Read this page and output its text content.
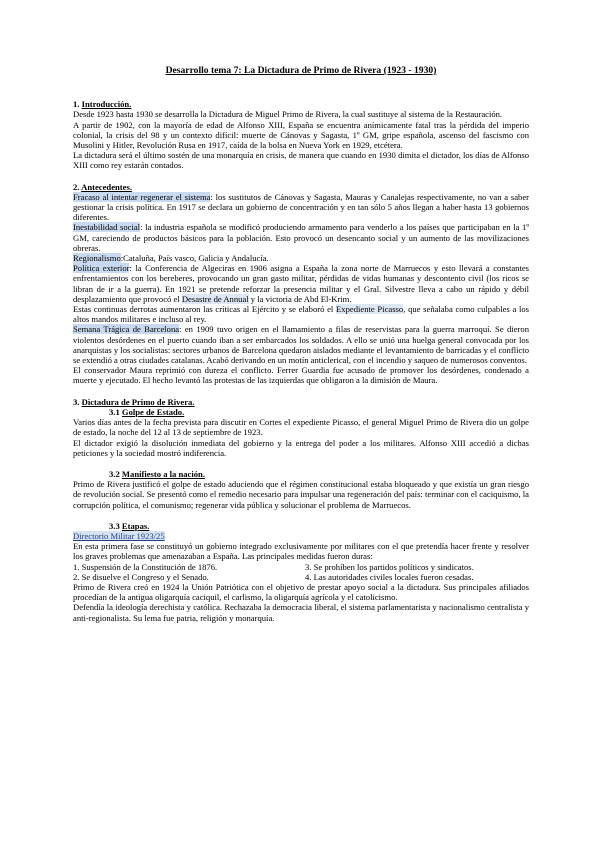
Desarrollo tema 7: La Dictadura de Primo de Rivera (1923 - 1930)

1. Introducción.

Desde 1923 hasta 1930 se desarrolla la Dictadura de Miguel Primo de Rivera, la cual sustituye al sistema de la Restauración.

A partir de 1902, con la mayoría de edad de Alfonso XIII, España se encuentra anímicamente fatal tras la pérdida del imperio colonial, la crisis del 98 y un contexto difícil: muerte de Cánovas y Sagasta, 1º GM, gripe española, ascenso del fascismo con Musolini y Hitler, Revolución Rusa en 1917, caída de la bolsa en Nueva York en 1929, etcétera.

La dictadura será el último sostén de una monarquía en crisis, de manera que cuando en 1930 dimita el dictador, los días de Alfonso XIII como rey estarán contados.

2. Antecedentes.

Fracaso al intentar regenerar el sistema: los sustitutos de Cánovas y Sagasta, Mauras y Canalejas respectivamente, no van a saber gestionar la crisis política. En 1917 se declara un gobierno de concentración y en tan sólo 5 años llegan a haber hasta 13 gobiernos diferentes.

Inestabilidad social: la industria española se modificó produciendo armamento para venderlo a los países que participaban en la 1º GM, careciendo de productos básicos para la población. Esto provocó un desencanto social y un aumento de las movilizaciones obreras.

Regionalismo:Cataluña, País vasco, Galicia y Andalucía.

Política exterior: la Conferencia de Algeciras en 1906 asigna a España la zona norte de Marruecos y esto llevará a constantes enfrentamientos con los bereberes, provocando un gran gasto militar, pérdidas de vidas humanas y descontento civil (los ricos se libran de ir a la guerra). En 1921 se pretende reforzar la presencia militar y el Gral. Silvestre lleva a cabo un rápido y débil desplazamiento que provocó el Desastre de Annual y la victoria de Abd El-Krim.

Estas continuas derrotas aumentaron las críticas al Ejército y se elaboró el Expediente Picasso, que señalaba como culpables a los altos mandos militares e incluso al rey.

Semana Trágica de Barcelona: en 1909 tuvo origen en el llamamiento a filas de reservistas para la guerra marroquí. Se dieron violentos desórdenes en el puerto cuando iban a ser embarcados los soldados. A ello se unió una huelga general convocada por los anarquistas y los socialistas: sectores urbanos de Barcelona quedaron aislados mediante el levantamiento de barricadas y el conflicto se extendió a otras ciudades catalanas. Acabó derivando en un motín anticlerical, con el incendio y saqueo de numerosos conventos.

El conservador Maura reprimió con dureza el conflicto. Ferrer Guardia fue acusado de promover los desórdenes, condenado a muerte y ejecutado. El hecho levantó las protestas de las izquierdas que obligaron a la dimisión de Maura.

3. Dictadura de Primo de Rivera.

3.1 Golpe de Estado.

Varios días antes de la fecha prevista para discutir en Cortes el expediente Picasso, el general Miguel Primo de Rivera dio un golpe de estado, la noche del 12 al 13 de septiembre de 1923.

El dictador exigió la disolución inmediata del gobierno y la entrega del poder a los militares. Alfonso XIII accedió a dichas peticiones y la sociedad mostró indiferencia.

3.2 Manifiesto a la nación.

Primo de Rivera justificó el golpe de estado aduciendo que el régimen constitucional estaba bloqueado y que existía un gran riesgo de revolución social. Se presentó como el remedio necesario para impulsar una regeneración del país: terminar con el caciquismo, la corrupción política, el comunismo; regenerar vida pública y solucionar el problema de Marruecos.

3.3 Etapas.

Directorio Militar 1923/25

En esta primera fase se constituyó un gobierno integrado exclusivamente por militares con el que pretendía hacer frente y resolver los graves problemas que amenazaban a España. Las principales medidas fueron duras:

1. Suspensión de la Constitución de 1876.	3. Se prohíben los partidos políticos y sindicatos.
2. Se disuelve el Congreso y el Senado.	4. Las autoridades civiles locales fueron cesadas.

Primo de Rivera creó en 1924 la Unión Patriótica con el objetivo de prestar apoyo social a la dictadura. Sus principales afiliados procedían de la antigua oligarquía caciquil, el carlismo, la oligarquía agrícola y el catolicismo.

Defendía la ideología derechista y católica. Rechazaba la democracia liberal, el sistema parlamentarista y nacionalismo centralista y anti-regionalista. Su lema fue patria, religión y monarquía.
